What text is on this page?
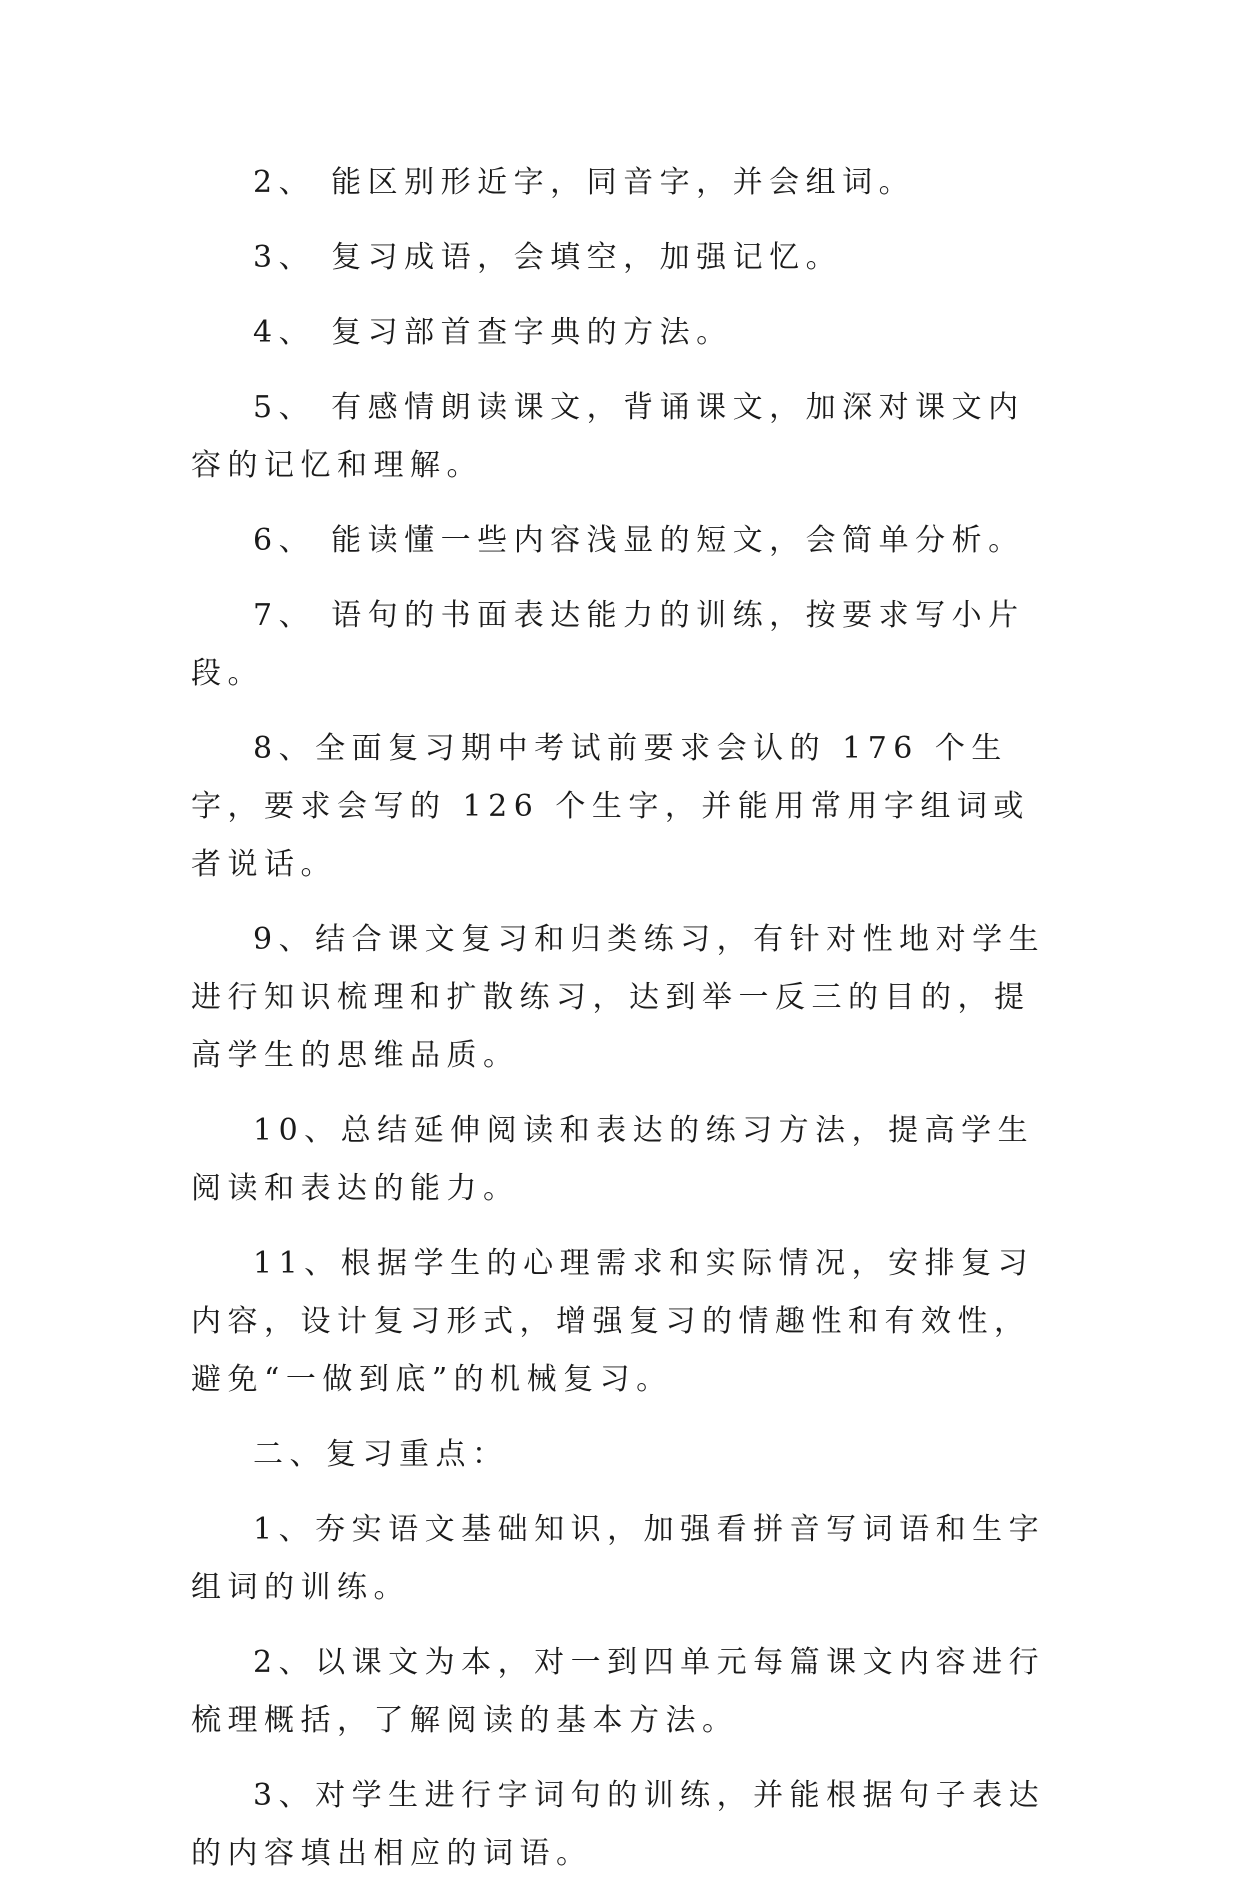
2、 能区别形近字，同音字，并会组词。

3、 复习成语，会填空，加强记忆。

4、 复习部首查字典的方法。

5、 有感情朗读课文，背诵课文，加深对课文内容的记忆和理解。

6、 能读懂一些内容浅显的短文，会简单分析。

7、 语句的书面表达能力的训练，按要求写小片段。

8、全面复习期中考试前要求会认的 176 个生字，要求会写的 126 个生字，并能用常用字组词或者说话。

9、结合课文复习和归类练习，有针对性地对学生进行知识梳理和扩散练习，达到举一反三的目的，提高学生的思维品质。

10、总结延伸阅读和表达的练习方法，提高学生阅读和表达的能力。

11、根据学生的心理需求和实际情况，安排复习内容，设计复习形式，增强复习的情趣性和有效性，避免“一做到底”的机械复习。

二、复习重点：

1、夯实语文基础知识，加强看拼音写词语和生字组词的训练。

2、以课文为本，对一到四单元每篇课文内容进行梳理概括，了解阅读的基本方法。

3、对学生进行字词句的训练，并能根据句子表达的内容填出相应的词语。
